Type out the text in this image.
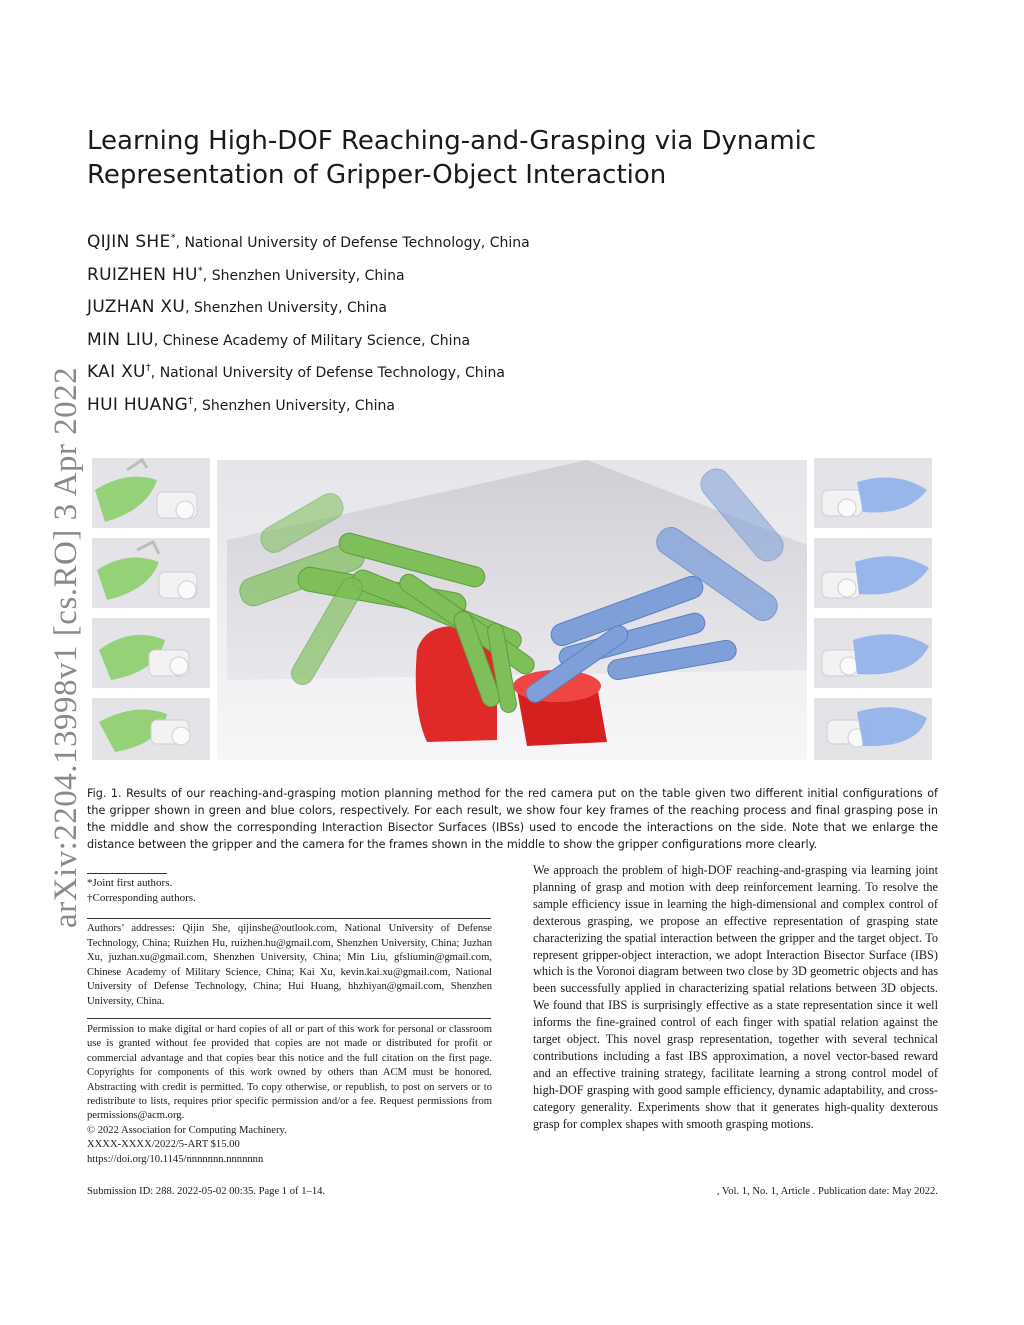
arXiv:2204.13998v1 [cs.RO] 3 Apr 2022
Learning High-DOF Reaching-and-Grasping via Dynamic
Representation of Gripper-Object Interaction
QIJIN SHE*, National University of Defense Technology, China
RUIZHEN HU*, Shenzhen University, China
JUZHAN XU, Shenzhen University, China
MIN LIU, Chinese Academy of Military Science, China
KAI XU†, National University of Defense Technology, China
HUI HUANG†, Shenzhen University, China
Fig. 1. Results of our reaching-and-grasping motion planning method for the red camera put on the table given two different initial configurations of the gripper shown in green and blue colors, respectively. For each result, we show four key frames of the reaching process and final grasping pose in the middle and show the corresponding Interaction Bisector Surfaces (IBSs) used to encode the interactions on the side. Note that we enlarge the distance between the gripper and the camera for the frames shown in the middle to show the gripper configurations more clearly.
*Joint first authors.
†Corresponding authors.
Authors’ addresses: Qijin She, qijinshe@outlook.com, National University of Defense Technology, China; Ruizhen Hu, ruizhen.hu@gmail.com, Shenzhen University, China; Juzhan Xu, juzhan.xu@gmail.com, Shenzhen University, China; Min Liu, gfsliumin@gmail.com, Chinese Academy of Military Science, China; Kai Xu, kevin.kai.xu@gmail.com, National University of Defense Technology, China; Hui Huang, hhzhiyan@gmail.com, Shenzhen University, China.
Permission to make digital or hard copies of all or part of this work for personal or classroom use is granted without fee provided that copies are not made or distributed for profit or commercial advantage and that copies bear this notice and the full citation on the first page. Copyrights for components of this work owned by others than ACM must be honored. Abstracting with credit is permitted. To copy otherwise, or republish, to post on servers or to redistribute to lists, requires prior specific permission and/or a fee. Request permissions from permissions@acm.org.
© 2022 Association for Computing Machinery.
XXXX-XXXX/2022/5-ART $15.00
https://doi.org/10.1145/nnnnnnn.nnnnnnn
We approach the problem of high-DOF reaching-and-grasping via learning joint planning of grasp and motion with deep reinforcement learning. To resolve the sample efficiency issue in learning the high-dimensional and complex control of dexterous grasping, we propose an effective representation of grasping state characterizing the spatial interaction between the gripper and the target object. To represent gripper-object interaction, we adopt Interaction Bisector Surface (IBS) which is the Voronoi diagram between two close by 3D geometric objects and has been successfully applied in characterizing spatial relations between 3D objects. We found that IBS is surprisingly effective as a state representation since it well informs the fine-grained control of each finger with spatial relation against the target object. This novel grasp representation, together with several technical contributions including a fast IBS approximation, a novel vector-based reward and an effective training strategy, facilitate learning a strong control model of high-DOF grasping with good sample efficiency, dynamic adaptability, and cross-category generality. Experiments show that it generates high-quality dexterous grasp for complex shapes with smooth grasping motions.
Submission ID: 288. 2022-05-02 00:35. Page 1 of 1–14.	, Vol. 1, No. 1, Article . Publication date: May 2022.
